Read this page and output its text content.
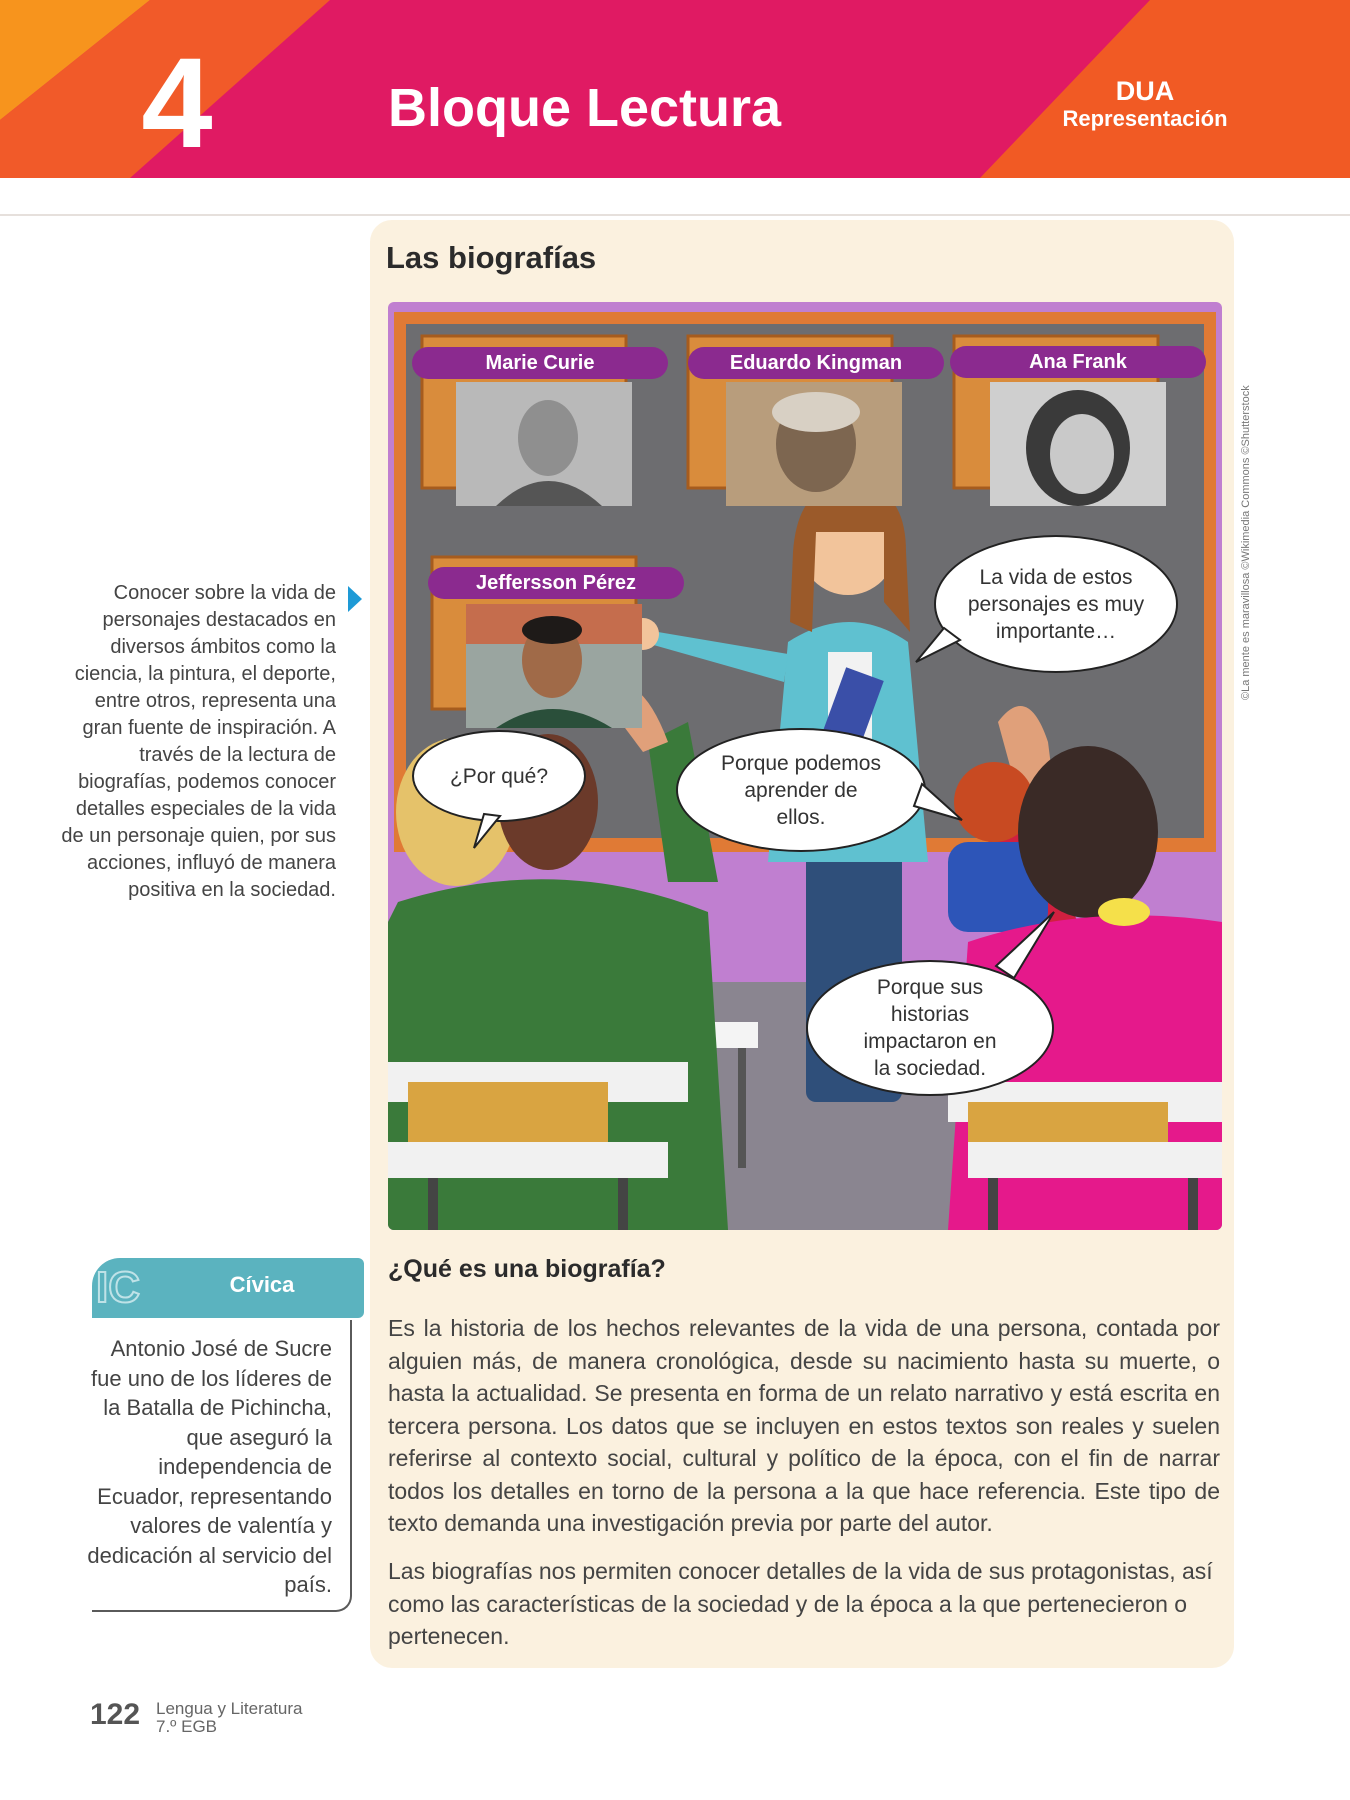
4	Bloque Lectura	DUA
Representación
Conocer sobre la vida de personajes destacados en diversos ámbitos como la ciencia, la pintura, el deporte, entre otros, representa una gran fuente de inspiración. A través de la lectura de biografías, podemos conocer detalles especiales de la vida de un personaje quien, por sus acciones, influyó de manera positiva en la sociedad.
IC	Cívica
Antonio José de Sucre fue uno de los líderes de la Batalla de Pichincha, que aseguró la independencia de Ecuador, representando valores de valentía y dedicación al servicio del país.
Las biografías
©La mente es maravillosa ©Wikimedia Commons ©Shutterstock
Marie Curie	Eduardo Kingman	Ana Frank
Jeffersson Pérez	La vida de estos personajes es muy importante…
¿Por qué?
Porque podemos aprender de ellos.
Porque sus historias impactaron en la sociedad.
¿Qué es una biografía?

Es la historia de los hechos relevantes de la vida de una persona, contada por alguien más, de manera cronológica, desde su nacimiento hasta su muerte, o hasta la actualidad. Se presenta en forma de un relato narrativo y está escrita en tercera persona. Los datos que se incluyen en estos textos son reales y suelen referirse al contexto social, cultural y político de la época, con el fin de narrar todos los detalles en torno de la persona a la que hace referencia. Este tipo de texto demanda una investigación previa por parte del autor.

Las biografías nos permiten conocer detalles de la vida de sus protagonistas, así como las características de la sociedad y de la época a la que pertenecieron o pertenecen.

122 Lengua y Literatura
7.º EGB
